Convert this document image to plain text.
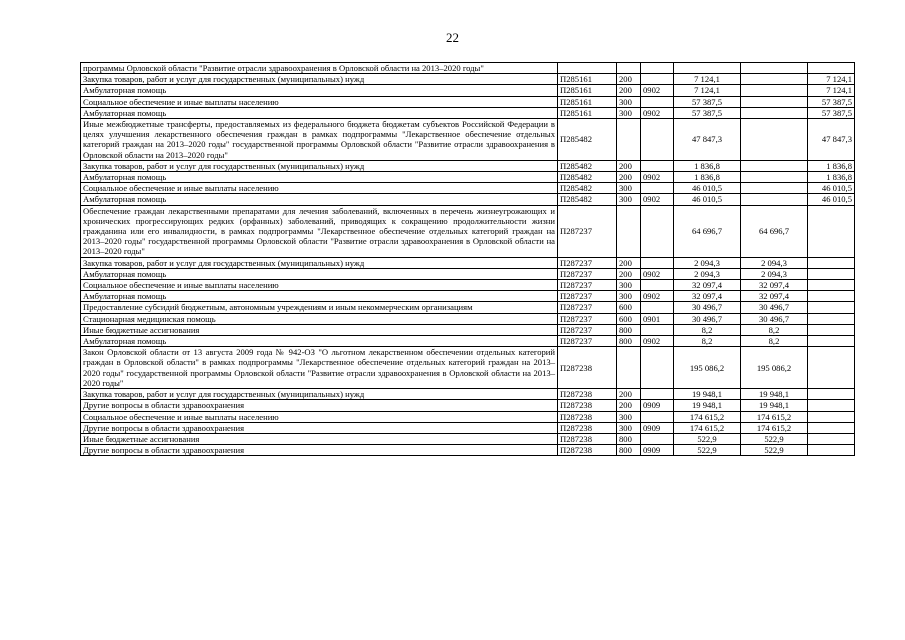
22
программы Орловской области "Развитие отрасли здравоохранения в Орловской области на 2013–2020 годы"						
Закупка товаров, работ и услуг для государственных (муниципальных) нужд	П285161	200		7 124,1		7 124,1
Амбулаторная помощь	П285161	200	0902	7 124,1		7 124,1
Социальное обеспечение и иные выплаты населению	П285161	300		57 387,5		57 387,5
Амбулаторная помощь	П285161	300	0902	57 387,5		57 387,5
Иные межбюджетные трансферты, предоставляемых из федерального бюджета бюджетам субъектов Российской Федерации в целях улучшения лекарственного обеспечения граждан в рамках подпрограммы "Лекарственное обеспечение отдельных категорий граждан на 2013–2020 годы" государственной программы Орловской области "Развитие отрасли здравоохранения в Орловской области на 2013–2020 годы"	П285482			47 847,3		47 847,3
Закупка товаров, работ и услуг для государственных (муниципальных) нужд	П285482	200		1 836,8		1 836,8
Амбулаторная помощь	П285482	200	0902	1 836,8		1 836,8
Социальное обеспечение и иные выплаты населению	П285482	300		46 010,5		46 010,5
Амбулаторная помощь	П285482	300	0902	46 010,5		46 010,5
Обеспечение граждан лекарственными препаратами для лечения заболеваний, включенных в перечень жизнеугрожающих и хронических прогрессирующих редких (орфанных) заболеваний, приводящих к сокращению продолжительности жизни гражданина или его инвалидности, в рамках подпрограммы "Лекарственное обеспечение отдельных категорий граждан на 2013–2020 годы" государственной программы Орловской области "Развитие отрасли здравоохранения в Орловской области на 2013–2020 годы"	П287237			64 696,7	64 696,7	
Закупка товаров, работ и услуг для государственных (муниципальных) нужд	П287237	200		2 094,3	2 094,3	
Амбулаторная помощь	П287237	200	0902	2 094,3	2 094,3	
Социальное обеспечение и иные выплаты населению	П287237	300		32 097,4	32 097,4	
Амбулаторная помощь	П287237	300	0902	32 097,4	32 097,4	
Предоставление субсидий бюджетным, автономным учреждениям и иным некоммерческим организациям	П287237	600		30 496,7	30 496,7	
Стационарная медицинская помощь	П287237	600	0901	30 496,7	30 496,7	
Иные бюджетные ассигнования	П287237	800		8,2	8,2	
Амбулаторная помощь	П287237	800	0902	8,2	8,2	
Закон Орловской области от 13 августа 2009 года № 942-ОЗ "О льготном лекарственном обеспечении отдельных категорий граждан в Орловской области" в рамках подпрограммы "Лекарственное обеспечение отдельных категорий граждан на 2013–2020 годы" государственной программы Орловской области "Развитие отрасли здравоохранения в Орловской области на 2013–2020 годы"	П287238			195 086,2	195 086,2	
Закупка товаров, работ и услуг для государственных (муниципальных) нужд	П287238	200		19 948,1	19 948,1	
Другие вопросы в области здравоохранения	П287238	200	0909	19 948,1	19 948,1	
Социальное обеспечение и иные выплаты населению	П287238	300		174 615,2	174 615,2	
Другие вопросы в области здравоохранения	П287238	300	0909	174 615,2	174 615,2	
Иные бюджетные ассигнования	П287238	800		522,9	522,9	
Другие вопросы в области здравоохранения	П287238	800	0909	522,9	522,9	
